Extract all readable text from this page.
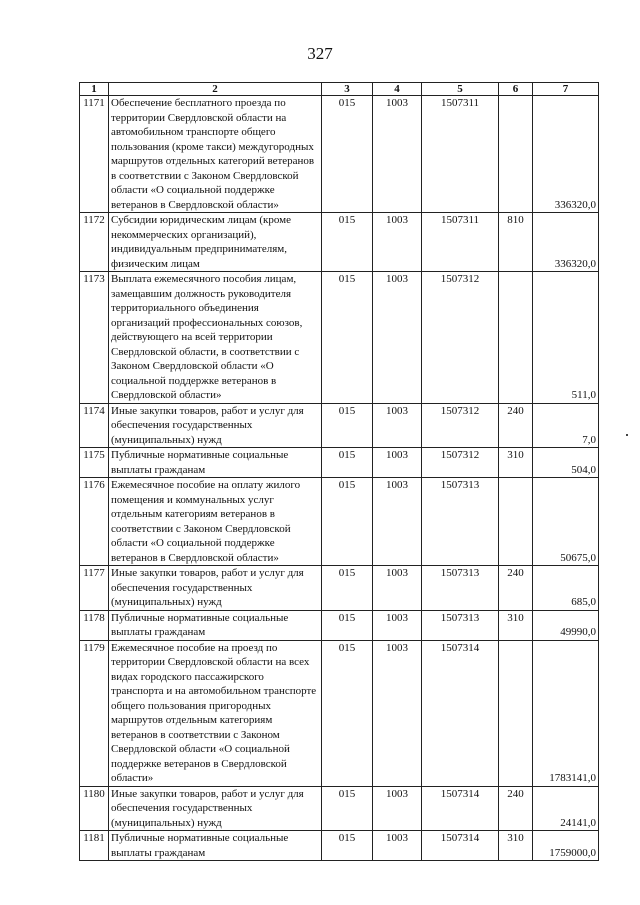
327
1	2	3	4	5	6	7
1171	Обеспечение бесплатного проезда по территории Свердловской области на автомобильном транспорте общего пользования (кроме такси) междугородных маршрутов отдельных категорий ветеранов в соответствии с Законом Свердловской области «О социальной поддержке ветеранов в Свердловской области»	015	1003	1507311		336320,0
1172	Субсидии юридическим лицам (кроме некоммерческих организаций), индивидуальным предпринимателям, физическим лицам	015	1003	1507311	810	336320,0
1173	Выплата ежемесячного пособия лицам, замещавшим должность руководителя территориального объединения организаций профессиональных союзов, действующего на всей территории Свердловской области, в соответствии с Законом Свердловской области «О социальной поддержке ветеранов в Свердловской области»	015	1003	1507312		511,0
1174	Иные закупки товаров, работ и услуг для обеспечения государственных (муниципальных) нужд	015	1003	1507312	240	7,0
1175	Публичные нормативные социальные выплаты гражданам	015	1003	1507312	310	504,0
1176	Ежемесячное пособие на оплату жилого помещения и коммунальных услуг отдельным категориям ветеранов в соответствии с Законом Свердловской области «О социальной поддержке ветеранов в Свердловской области»	015	1003	1507313		50675,0
1177	Иные закупки товаров, работ и услуг для обеспечения государственных (муниципальных) нужд	015	1003	1507313	240	685,0
1178	Публичные нормативные социальные выплаты гражданам	015	1003	1507313	310	49990,0
1179	Ежемесячное пособие на проезд по территории Свердловской области на всех видах городского пассажирского транспорта и на автомобильном транспорте общего пользования пригородных маршрутов отдельным категориям ветеранов в соответствии с Законом Свердловской области «О социальной поддержке ветеранов в Свердловской области»	015	1003	1507314		1783141,0
1180	Иные закупки товаров, работ и услуг для обеспечения государственных (муниципальных) нужд	015	1003	1507314	240	24141,0
1181	Публичные нормативные социальные выплаты гражданам	015	1003	1507314	310	1759000,0
